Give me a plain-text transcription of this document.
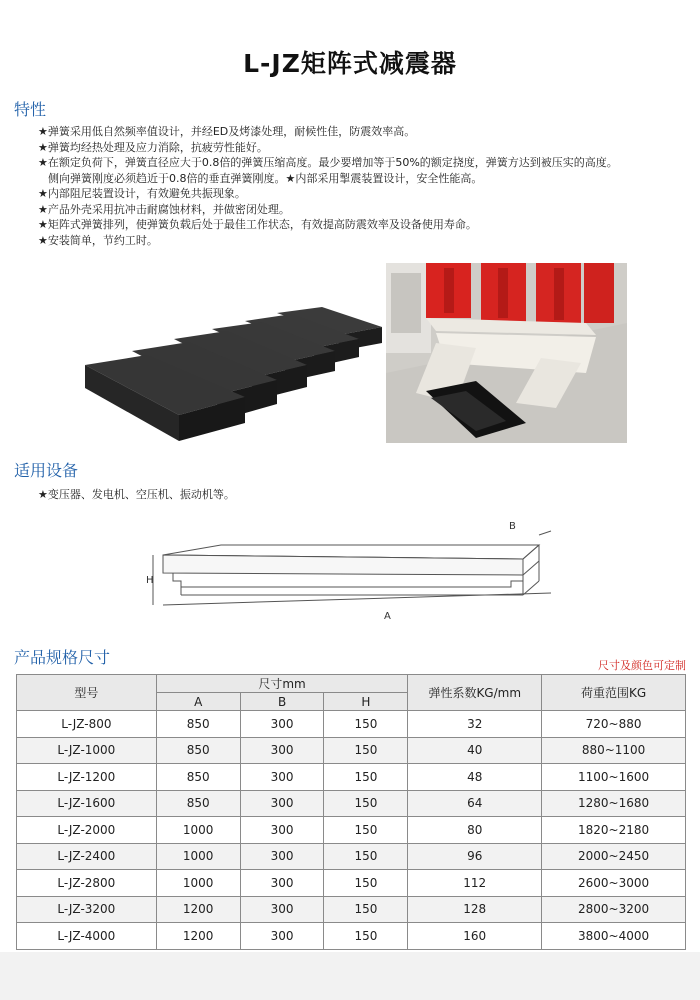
L-JZ矩阵式减震器
特性
★弹簧采用低自然频率值设计，并经ED及烤漆处理，耐候性佳，防震效率高。
★弹簧均经热处理及应力消除，抗疲劳性能好。
★在额定负荷下，弹簧直径应大于0.8倍的弹簧压缩高度。最少要增加等于50%的额定挠度，弹簧方达到被压实的高度。
侧向弹簧刚度必须趋近于0.8倍的垂直弹簧刚度。★内部采用掣震装置设计，安全性能高。
★内部阻尼装置设计，有效避免共振现象。
★产品外壳采用抗冲击耐腐蚀材料，并做密闭处理。
★矩阵式弹簧排列，使弹簧负载后处于最佳工作状态，有效提高防震效率及设备使用寿命。
★安装简单，节约工时。
适用设备
★变压器、发电机、空压机、振动机等。
H
B
A
产品规格尺寸	尺寸及颜色可定制
型号	尺寸mm			弹性系数KG/mm	荷重范围KG
	A	B	H		
L-JZ-800	850	300	150	32	720~880
L-JZ-1000	850	300	150	40	880~1100
L-JZ-1200	850	300	150	48	1100~1600
L-JZ-1600	850	300	150	64	1280~1680
L-JZ-2000	1000	300	150	80	1820~2180
L-JZ-2400	1000	300	150	96	2000~2450
L-JZ-2800	1000	300	150	112	2600~3000
L-JZ-3200	1200	300	150	128	2800~3200
L-JZ-4000	1200	300	150	160	3800~4000
